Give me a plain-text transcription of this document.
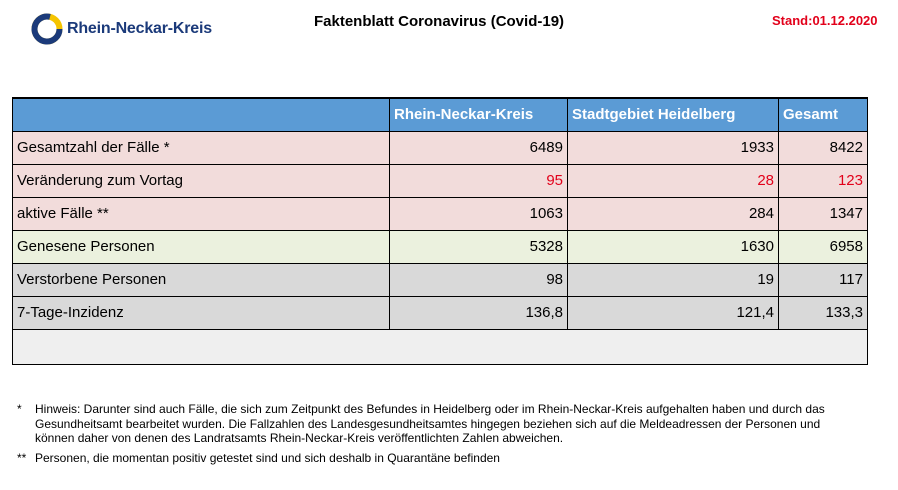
Rhein-Neckar-Kreis	Faktenblatt Coronavirus (Covid-19)	Stand:01.12.2020
	Rhein-Neckar-Kreis	Stadtgebiet Heidelberg	Gesamt
Gesamtzahl der Fälle *	6489	1933	8422
Veränderung zum Vortag	95	28	123
aktive Fälle **	1063	284	1347
Genesene Personen	5328	1630	6958
Verstorbene Personen	98	19	117
7-Tage-Inzidenz	136,8	121,4	133,3

*	Hinweis: Darunter sind auch Fälle, die sich zum Zeitpunkt des Befundes in Heidelberg oder im Rhein-Neckar-Kreis aufgehalten haben und durch das Gesundheitsamt bearbeitet wurden. Die Fallzahlen des Landesgesundheitsamtes hingegen beziehen sich auf die Meldeadressen der Personen und können daher von denen des Landratsamts Rhein-Neckar-Kreis veröffentlichten Zahlen abweichen.
** Personen, die momentan positiv getestet sind und sich deshalb in Quarantäne befinden
